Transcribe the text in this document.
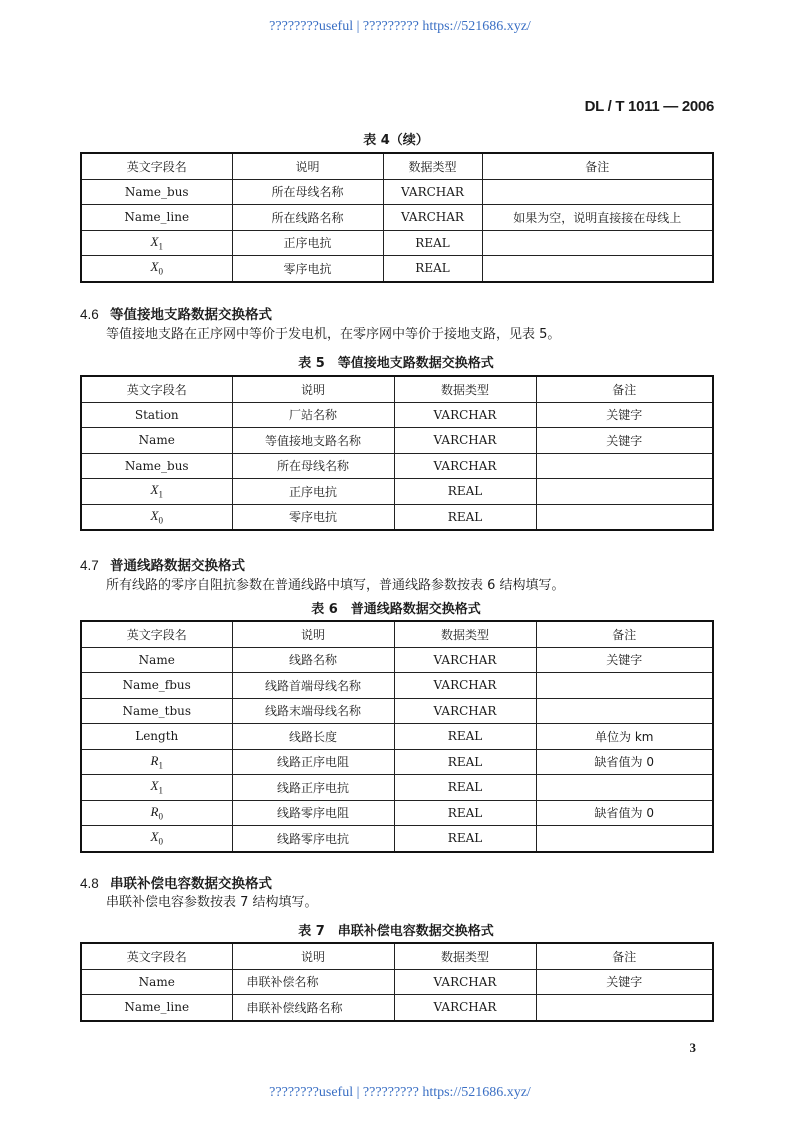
????????useful | ????????? https://521686.xyz/
DL / T 1011 — 2006
表 4（续）
英文字段名	说明	数据类型	备注
Name_bus	所在母线名称	VARCHAR	
Name_line	所在线路名称	VARCHAR	如果为空，说明直接接在母线上
$X_1$	正序电抗	REAL	
$X_0$	零序电抗	REAL	
4.6 等值接地支路数据交换格式
等值接地支路在正序网中等价于发电机，在零序网中等价于接地支路，见表 5。
表 5　等值接地支路数据交换格式
英文字段名	说明	数据类型	备注
Station	厂站名称	VARCHAR	关键字
Name	等值接地支路名称	VARCHAR	关键字
Name_bus	所在母线名称	VARCHAR	
$X_1$	正序电抗	REAL	
$X_0$	零序电抗	REAL	
4.7 普通线路数据交换格式
所有线路的零序自阻抗参数在普通线路中填写，普通线路参数按表 6 结构填写。
表 6　普通线路数据交换格式
英文字段名	说明	数据类型	备注
Name	线路名称	VARCHAR	关键字
Name_fbus	线路首端母线名称	VARCHAR	
Name_tbus	线路末端母线名称	VARCHAR	
Length	线路长度	REAL	单位为 km
$R_1$	线路正序电阻	REAL	缺省值为 0
$X_1$	线路正序电抗	REAL	
$R_0$	线路零序电阻	REAL	缺省值为 0
$X_0$	线路零序电抗	REAL	
4.8 串联补偿电容数据交换格式
串联补偿电容参数按表 7 结构填写。
表 7　串联补偿电容数据交换格式
英文字段名	说明	数据类型	备注
Name	串联补偿名称	VARCHAR	关键字
Name_line	串联补偿线路名称	VARCHAR	
3
????????useful | ????????? https://521686.xyz/
